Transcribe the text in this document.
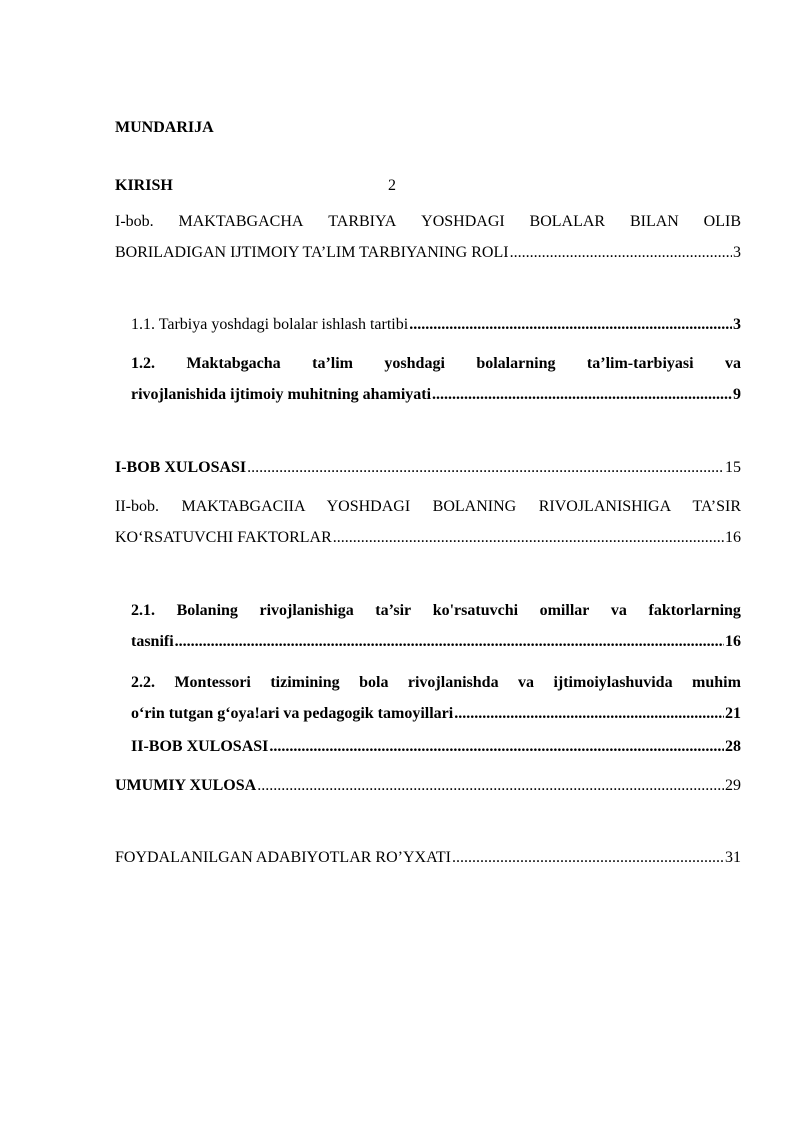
MUNDARIJA
KIRISH	2
I-bob. MAKTABGACHA TARBIYA YOSHDAGI BOLALAR BILAN OLIB
BORILADIGAN IJTIMOIY TA’LIM TARBIYANING ROLI .....	3
1.1. Tarbiya yoshdagi bolalar ishlash tartibi .....	3
1.2. Maktabgacha ta’lim yoshdagi bolalarning ta’lim-tarbiyasi va
rivojlanishida ijtimoiy muhitning ahamiyati .....	9
I-BOB XULOSASI .....	15
II-bob. MAKTABGACIIA YOSHDAGI BOLANING RIVOJLANISHIGA TA’SIR
KO‘RSATUVCHI FAKTORLAR .....	16
2.1. Bolaning rivojlanishiga ta’sir ko'rsatuvchi omillar va faktorlarning
tasnifi .....	16
2.2. Montessori tizimining bola rivojlanishda va ijtimoiylashuvida muhim
o‘rin tutgan g‘oya!ari va pedagogik tamoyillari .....	21
II-BOB XULOSASI .....	28
UMUMIY XULOSA .....	29
FOYDALANILGAN ADABIYOTLAR RO’YXATI .....	31
